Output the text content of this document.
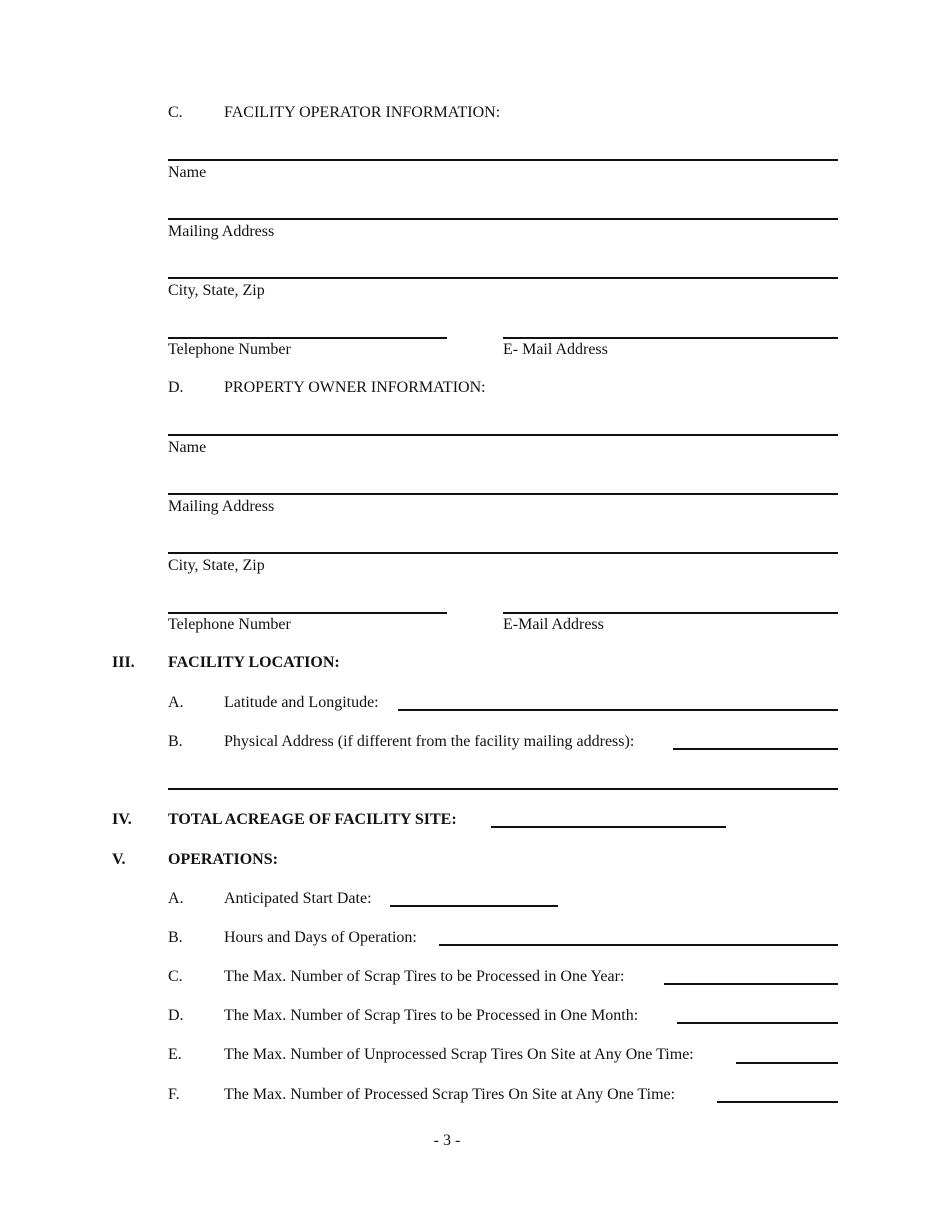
C.	FACILITY OPERATOR INFORMATION:
Name
Mailing Address
City, State, Zip
Telephone Number	E- Mail Address
D.	PROPERTY OWNER INFORMATION:
Name
Mailing Address
City, State, Zip
Telephone Number	E-Mail Address
III. FACILITY LOCATION:
A.	Latitude and Longitude:
B.	Physical Address (if different from the facility mailing address):
IV. TOTAL ACREAGE OF FACILITY SITE:
V.	OPERATIONS:
A.	Anticipated Start Date:
B.	Hours and Days of Operation:
C.	The Max. Number of Scrap Tires to be Processed in One Year:
D.	The Max. Number of Scrap Tires to be Processed in One Month:
E.	The Max. Number of Unprocessed Scrap Tires On Site at Any One Time:
F.	The Max. Number of Processed Scrap Tires On Site at Any One Time:
- 3 -
